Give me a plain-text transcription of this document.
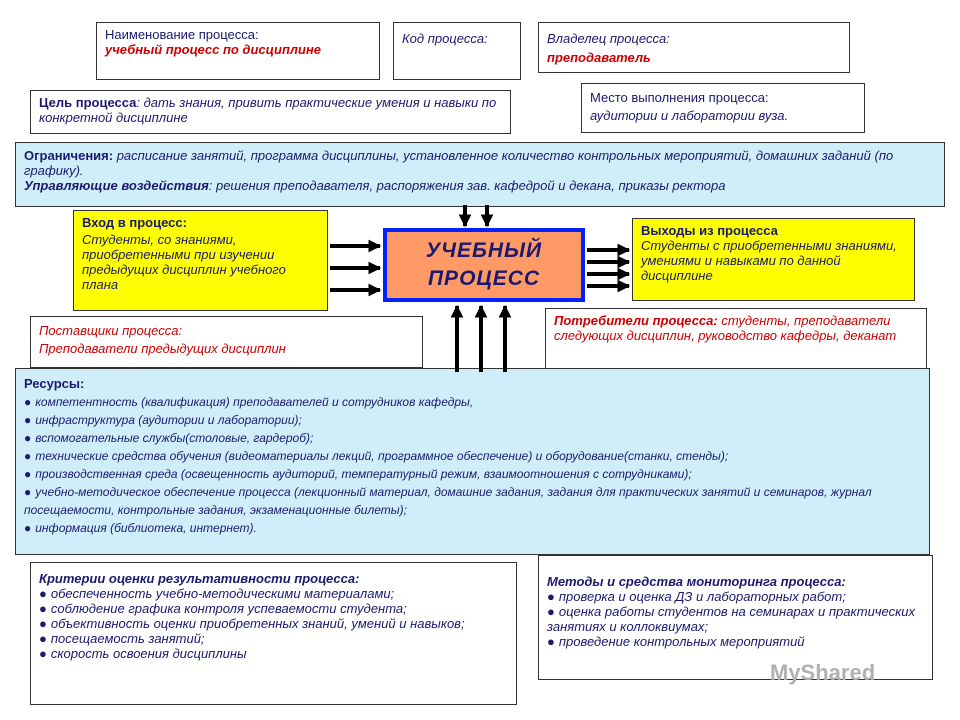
Наименование процесса:
учебный процесс по дисциплине
Код процесса:	Владелец процесса:
преподаватель
Цель процесса: дать знания, привить практические умения и навыки по конкретной дисциплине
Место выполнения процесса:
аудитории и лаборатории вуза.
Ограничения: расписание занятий, программа дисциплины, установленное количество контрольных мероприятий, домашних заданий (по графику).
Управляющие воздействия: решения преподавателя, распоряжения зав. кафедрой и декана, приказы ректора
Вход в процесс:
Студенты, со знаниями, приобретенными при изучении предыдущих дисциплин учебного плана
УЧЕБНЫЙ
ПРОЦЕСС
Выходы из процесса
Студенты с приобретенными знаниями, умениями и навыками по данной дисциплине
Поставщики процесса:
Преподаватели предыдущих дисциплин
Потребители процесса: студенты, преподаватели следующих дисциплин, руководство кафедры, деканат
Ресурсы:
● компетентность (квалификация) преподавателей и сотрудников кафедры,
● инфраструктура (аудитории и лаборатории);
● вспомогательные службы(столовые, гардероб);
● технические средства обучения (видеоматериалы лекций, программное обеспечение) и оборудование(станки, стенды);
● производственная среда (освещенность аудиторий, температурный режим, взаимоотношения с сотрудниками);
● учебно-методическое обеспечение процесса (лекционный материал, домашние задания, задания для практических занятий и семинаров, журнал посещаемости, контрольные задания, экзаменационные билеты);
● информация (библиотека, интернет).
Критерии оценки результативности процесса:
● обеспеченность учебно-методическими материалами;
● соблюдение графика контроля успеваемости студента;
● объективность оценки приобретенных знаний, умений и навыков;
● посещаемость занятий;
● скорость освоения дисциплины
Методы и средства мониторинга процесса:
● проверка и оценка ДЗ и лабораторных работ;
● оценка работы студентов на семинарах и практических занятиях и коллоквиумах;
● проведение контрольных мероприятий
MyShared
